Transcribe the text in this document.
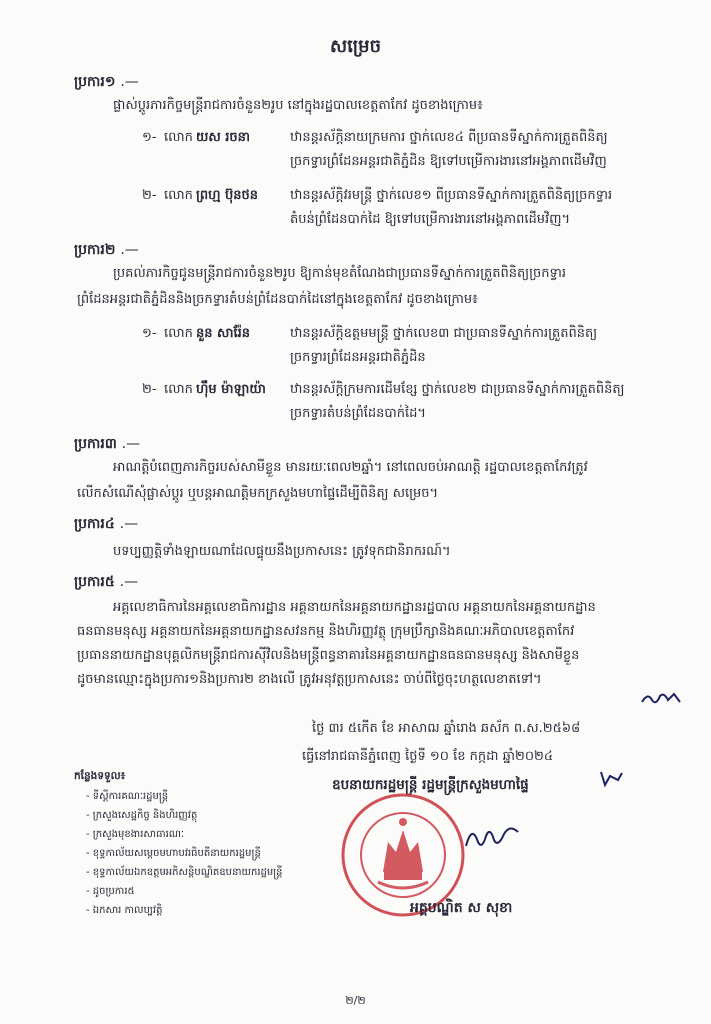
សម្រេច
ប្រការ១ .—
ផ្លាស់ប្ដូរភារកិច្ចមន្ត្រីរាជការចំនួន២រូប នៅក្នុងរដ្ឋបាលខេត្តតាកែវ ដូចខាងក្រោម៖
១- លោក យស រចនា	ឋានន្តរស័ក្តិនាយក្រមការ ថ្នាក់លេខ៤ ពីប្រធានទីស្នាក់ការត្រួតពិនិត្យ
ច្រកទ្វារព្រំដែនអន្តរជាតិភ្នំដិន ឱ្យទៅបម្រើការងារនៅអង្គភាពដើមវិញ
២- លោក ព្រហ្ម ប៊ុនថន ឋានន្តរស័ក្តិវរមន្ត្រី ថ្នាក់លេខ១ ពីប្រធានទីស្នាក់ការត្រួតពិនិត្យច្រកទ្វារ
តំបន់ព្រំដែនបាក់ដៃ ឱ្យទៅបម្រើការងារនៅអង្គភាពដើមវិញ។
ប្រការ២ .—
ប្រគល់ភារកិច្ចជូនមន្ត្រីរាជការចំនួន២រូប ឱ្យកាន់មុខតំណែងជាប្រធានទីស្នាក់ការត្រួតពិនិត្យច្រកទ្វារ
ព្រំដែនអន្តរជាតិភ្នំដិននិងច្រកទ្វារតំបន់ព្រំដែនបាក់ដៃនៅក្នុងខេត្តតាកែវ ដូចខាងក្រោម៖
១- លោក នួន សារ៉ែន	ឋានន្តរស័ក្តិឧត្តមមន្ត្រី ថ្នាក់លេខ៣ ជាប្រធានទីស្នាក់ការត្រួតពិនិត្យ
ច្រកទ្វារព្រំដែនអន្តរជាតិភ្នំដិន
២- លោក ហ៊ឹម ម៉ាឡាយ៉ា ឋានន្តរស័ក្តិក្រមការដើមខ្សែ ថ្នាក់លេខ២ ជាប្រធានទីស្នាក់ការត្រួតពិនិត្យ
ច្រកទ្វារតំបន់ព្រំដែនបាក់ដៃ។
ប្រការ៣ .—
អាណត្តិបំពេញភារកិច្ចរបស់សាមីខ្លួន មានរយៈពេល២ឆ្នាំ។ នៅពេលចប់អាណត្តិ រដ្ឋបាលខេត្តតាកែវត្រូវ
លើកសំណើសុំផ្លាស់ប្ដូរ ឬបន្តអាណត្តិមកក្រសួងមហាផ្ទៃដើម្បីពិនិត្យ សម្រេច។
ប្រការ៤ .—
បទប្បញ្ញត្តិទាំងឡាយណាដែលផ្ទុយនឹងប្រកាសនេះ ត្រូវទុកជានិរាករណ៍។
ប្រការ៥ .—
អគ្គលេខាធិការនៃអគ្គលេខាធិការដ្ឋាន អគ្គនាយកនៃអគ្គនាយកដ្ឋានរដ្ឋបាល អគ្គនាយកនៃអគ្គនាយកដ្ឋាន
ធនធានមនុស្ស អគ្គនាយកនៃអគ្គនាយកដ្ឋានសវនកម្ម និងហិរញ្ញវត្ថុ ក្រុមប្រឹក្សានិងគណៈអភិបាលខេត្តតាកែវ
ប្រធាននាយកដ្ឋានបុគ្គលិកមន្ត្រីរាជការស៊ីវិលនិងមន្ត្រីពន្ធនាគារនៃអគ្គនាយកដ្ឋានធនធានមនុស្ស និងសាមីខ្លួន
ដូចមានឈ្មោះក្នុងប្រការ១និងប្រការ២ ខាងលើ ត្រូវអនុវត្តប្រកាសនេះ ចាប់ពីថ្ងៃចុះហត្ថលេខាតទៅ។
ថ្ងៃ ៣រ ៥កើត ខែ អាសាឍ ឆ្នាំរោង ឆស័ក ព.ស.២៥៦៨
ធ្វើនៅរាជធានីភ្នំពេញ ថ្ងៃទី ១០ ខែ កក្កដា ឆ្នាំ២០២៤
ឧបនាយករដ្ឋមន្ត្រី រដ្ឋមន្ត្រីក្រសួងមហាផ្ទៃ
អគ្គបណ្ឌិត ស សុខា
កន្លែងទទួល៖
- ទីស្តីការគណៈរដ្ឋមន្ត្រី
- ក្រសួងសេដ្ឋកិច្ច និងហិរញ្ញវត្ថុ
- ក្រសួងមុខងារសាធារណៈ
- ខុទ្ទកាល័យសម្ដេចមហាបវរធិបតីនាយករដ្ឋមន្ត្រី
- ខុទ្ទកាល័យឯកឧត្តមអភិសន្តិបណ្ឌិតឧបនាយករដ្ឋមន្ត្រី
- ដូចប្រការ៥
- ឯកសារ កាលប្បវត្តិ
២/២
